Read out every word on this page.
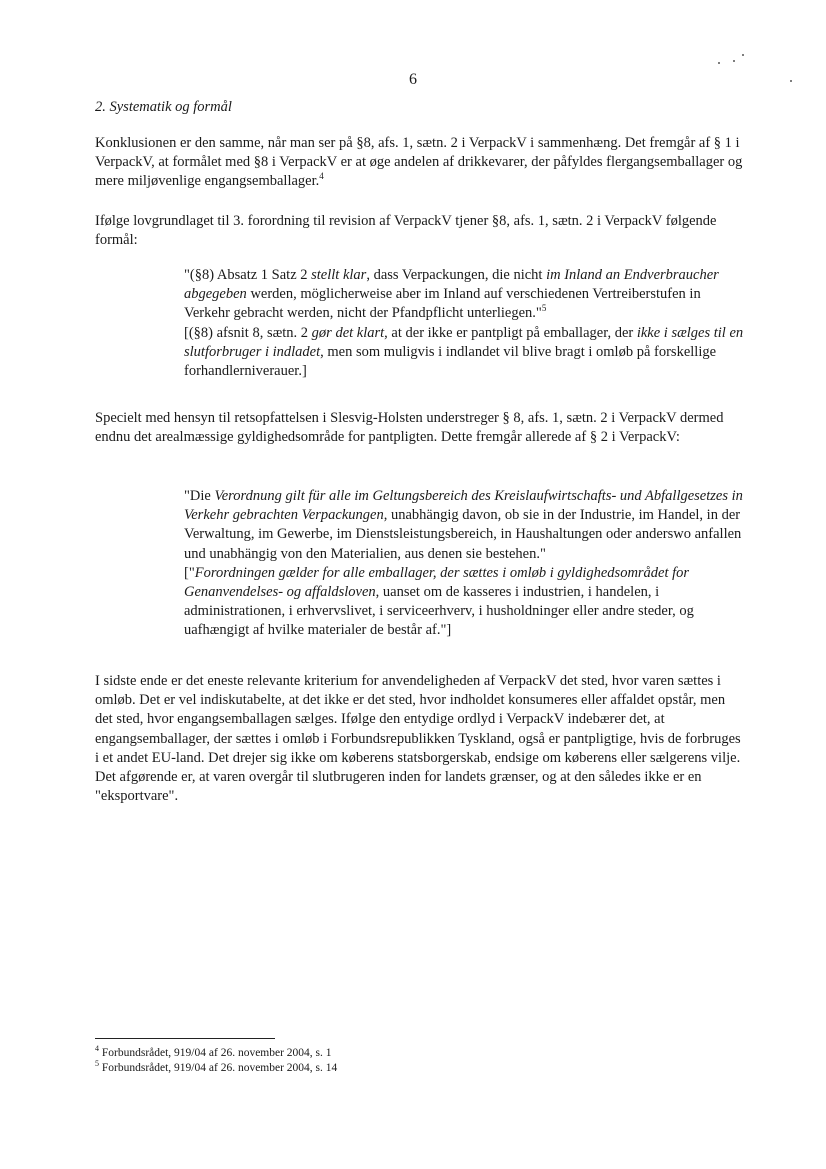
6
2. Systematik og formål

Konklusionen er den samme, når man ser på §8, afs. 1, sætn. 2 i VerpackV i sammenhæng. Det fremgår af § 1 i VerpackV, at formålet med §8 i VerpackV er at øge andelen af drikkevarer, der påfyldes flergangsemballager og mere miljøvenlige engangsemballager.$^4$

Ifølge lovgrundlaget til 3. forordning til revision af VerpackV tjener §8, afs. 1, sætn. 2 i VerpackV følgende formål:

"(§8) Absatz 1 Satz 2 stellt klar, dass Verpackungen, die nicht im Inland an Endverbraucher abgegeben werden, möglicherweise aber im Inland auf verschiedenen Vertreiberstufen in Verkehr gebracht werden, nicht der Pfandpflicht unterliegen."$^5$

[(§8) afsnit 8, sætn. 2 gør det klart, at der ikke er pantpligt på emballager, der ikke i sælges til en slutforbruger i indladet, men som muligvis i indlandet vil blive bragt i omløb på forskellige forhandlerniverauer.]

Specielt med hensyn til retsopfattelsen i Slesvig-Holsten understreger § 8, afs. 1, sætn. 2 i VerpackV dermed endnu det arealmæssige gyldighedsområde for pantpligten. Dette fremgår allerede af § 2 i VerpackV:

"Die Verordnung gilt für alle im Geltungsbereich des Kreislaufwirtschafts- und Abfallgesetzes in Verkehr gebrachten Verpackungen, unabhängig davon, ob sie in der Industrie, im Handel, in der Verwaltung, im Gewerbe, im Dienstsleistungsbereich, in Haushaltungen oder anderswo anfallen und unabhängig von den Materialien, aus denen sie bestehen."

["Forordningen gælder for alle emballager, der sættes i omløb i gyldighedsområdet for Genanvendelses- og affaldsloven, uanset om de kasseres i industrien, i handelen, i administrationen, i erhvervslivet, i serviceerhverv, i husholdninger eller andre steder, og uafhængigt af hvilke materialer de består af."]

I sidste ende er det eneste relevante kriterium for anvendeligheden af VerpackV det sted, hvor varen sættes i omløb. Det er vel indiskutabelte, at det ikke er det sted, hvor indholdet konsumeres eller affaldet opstår, men det sted, hvor engangsemballagen sælges. Ifølge den entydige ordlyd i VerpackV indebærer det, at engangsemballager, der sættes i omløb i Forbundsrepublikken Tyskland, også er pantpligtige, hvis de forbruges i et andet EU-land. Det drejer sig ikke om køberens statsborgerskab, endsige om køberens eller sælgerens vilje. Det afgørende er, at varen overgår til slutbrugeren inden for landets grænser, og at den således ikke er en "eksportvare".

$^4$ Forbundsrådet, 919/04 af 26. november 2004, s. 1
$^5$ Forbundsrådet, 919/04 af 26. november 2004, s. 14
